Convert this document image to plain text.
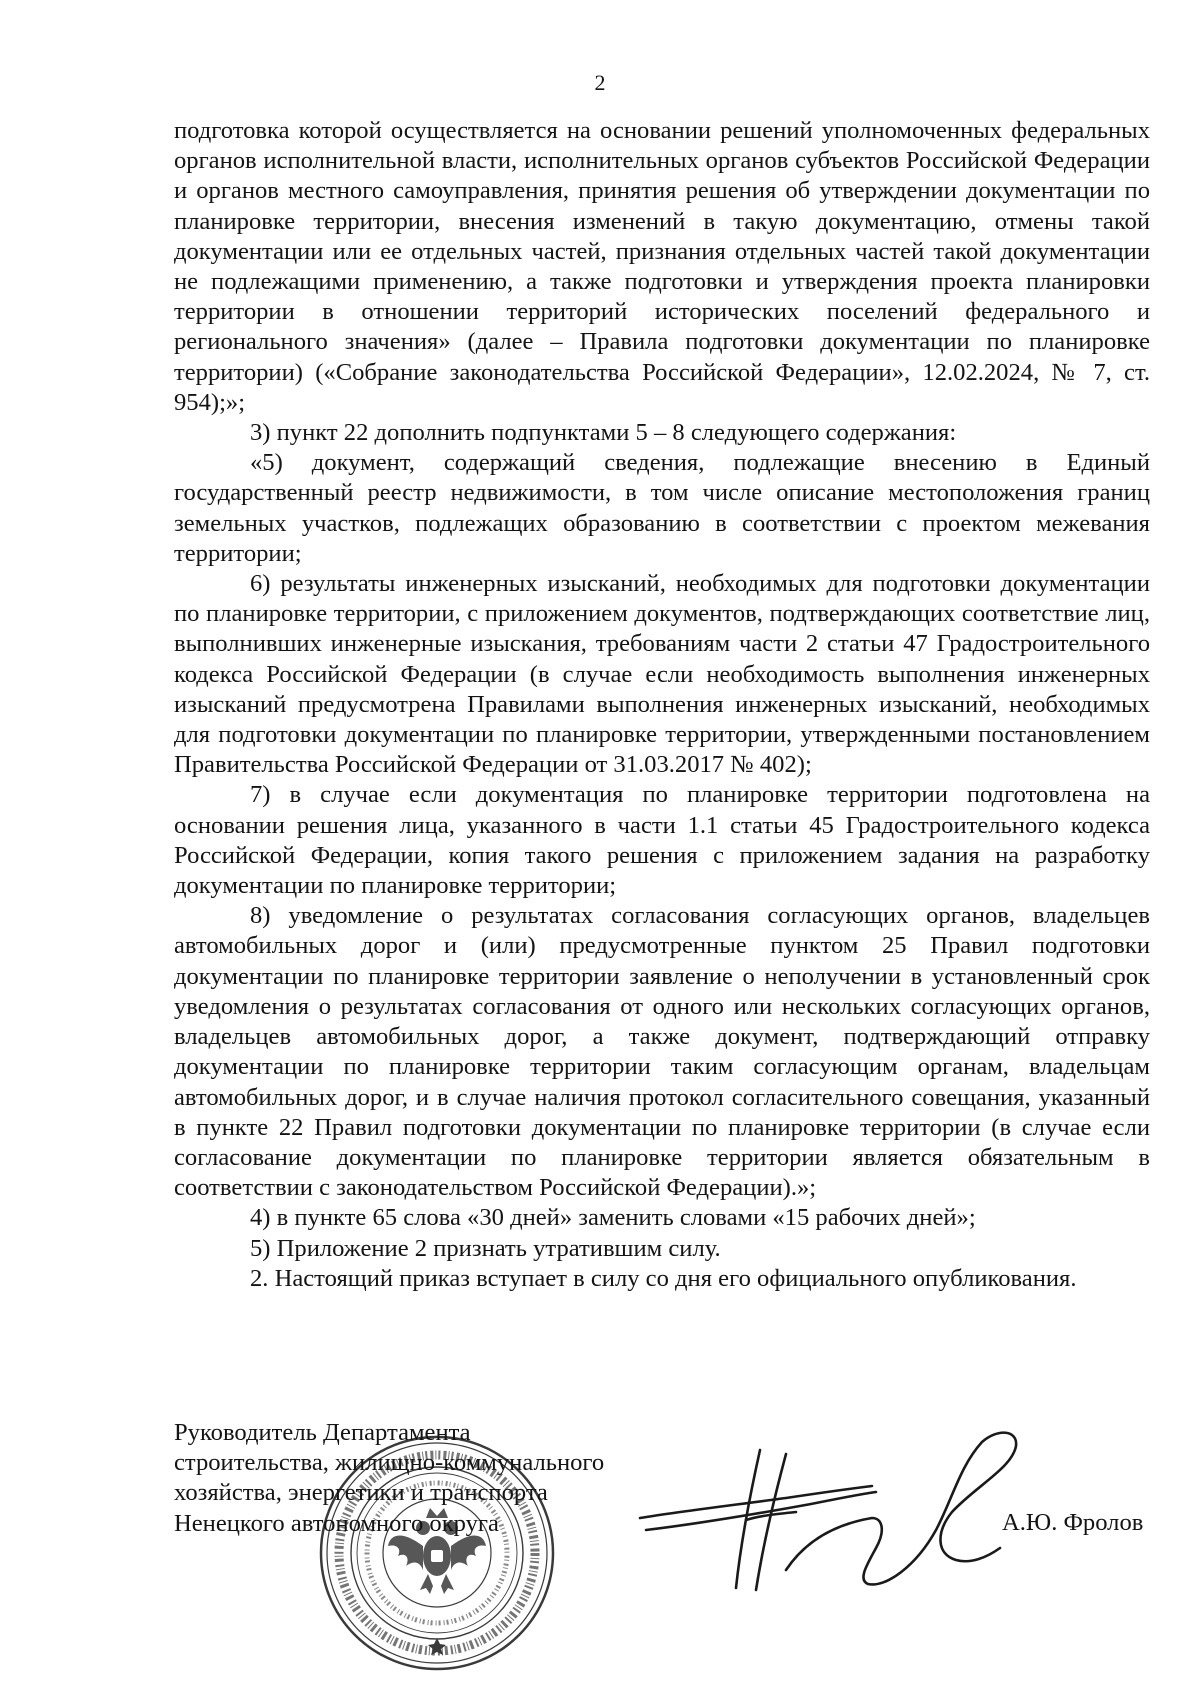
2

подготовка которой осуществляется на основании решений уполномоченных федеральных органов исполнительной власти, исполнительных органов субъектов Российской Федерации и органов местного самоуправления, принятия решения об утверждении документации по планировке территории, внесения изменений в такую документацию, отмены такой документации или ее отдельных частей, признания отдельных частей такой документации не подлежащими применению, а также подготовки и утверждения проекта планировки территории в отношении территорий исторических поселений федерального и регионального значения» (далее – Правила подготовки документации по планировке территории) («Собрание законодательства Российской Федерации», 12.02.2024, № 7, ст. 954);»;

3) пункт 22 дополнить подпунктами 5 – 8 следующего содержания:

«5) документ, содержащий сведения, подлежащие внесению в Единый государственный реестр недвижимости, в том числе описание местоположения границ земельных участков, подлежащих образованию в соответствии с проектом межевания территории;

6) результаты инженерных изысканий, необходимых для подготовки документации по планировке территории, с приложением документов, подтверждающих соответствие лиц, выполнивших инженерные изыскания, требованиям части 2 статьи 47 Градостроительного кодекса Российской Федерации (в случае если необходимость выполнения инженерных изысканий предусмотрена Правилами выполнения инженерных изысканий, необходимых для подготовки документации по планировке территории, утвержденными постановлением Правительства Российской Федерации от 31.03.2017 № 402);

7) в случае если документация по планировке территории подготовлена на основании решения лица, указанного в части 1.1 статьи 45 Градостроительного кодекса Российской Федерации, копия такого решения с приложением задания на разработку документации по планировке территории;

8) уведомление о результатах согласования согласующих органов, владельцев автомобильных дорог и (или) предусмотренные пунктом 25 Правил подготовки документации по планировке территории заявление о неполучении в установленный срок уведомления о результатах согласования от одного или нескольких согласующих органов, владельцев автомобильных дорог, а также документ, подтверждающий отправку документации по планировке территории таким согласующим органам, владельцам автомобильных дорог, и в случае наличия протокол согласительного совещания, указанный в пункте 22 Правил подготовки документации по планировке территории (в случае если согласование документации по планировке территории является обязательным в соответствии с законодательством Российской Федерации).»;

4) в пункте 65 слова «30 дней» заменить словами «15 рабочих дней»;

5) Приложение 2 признать утратившим силу.

2. Настоящий приказ вступает в силу со дня его официального опубликования.

Руководитель Департамента
строительства, жилищно-коммунального
хозяйства, энергетики и транспорта
Ненецкого автономного округа	А.Ю. Фролов
